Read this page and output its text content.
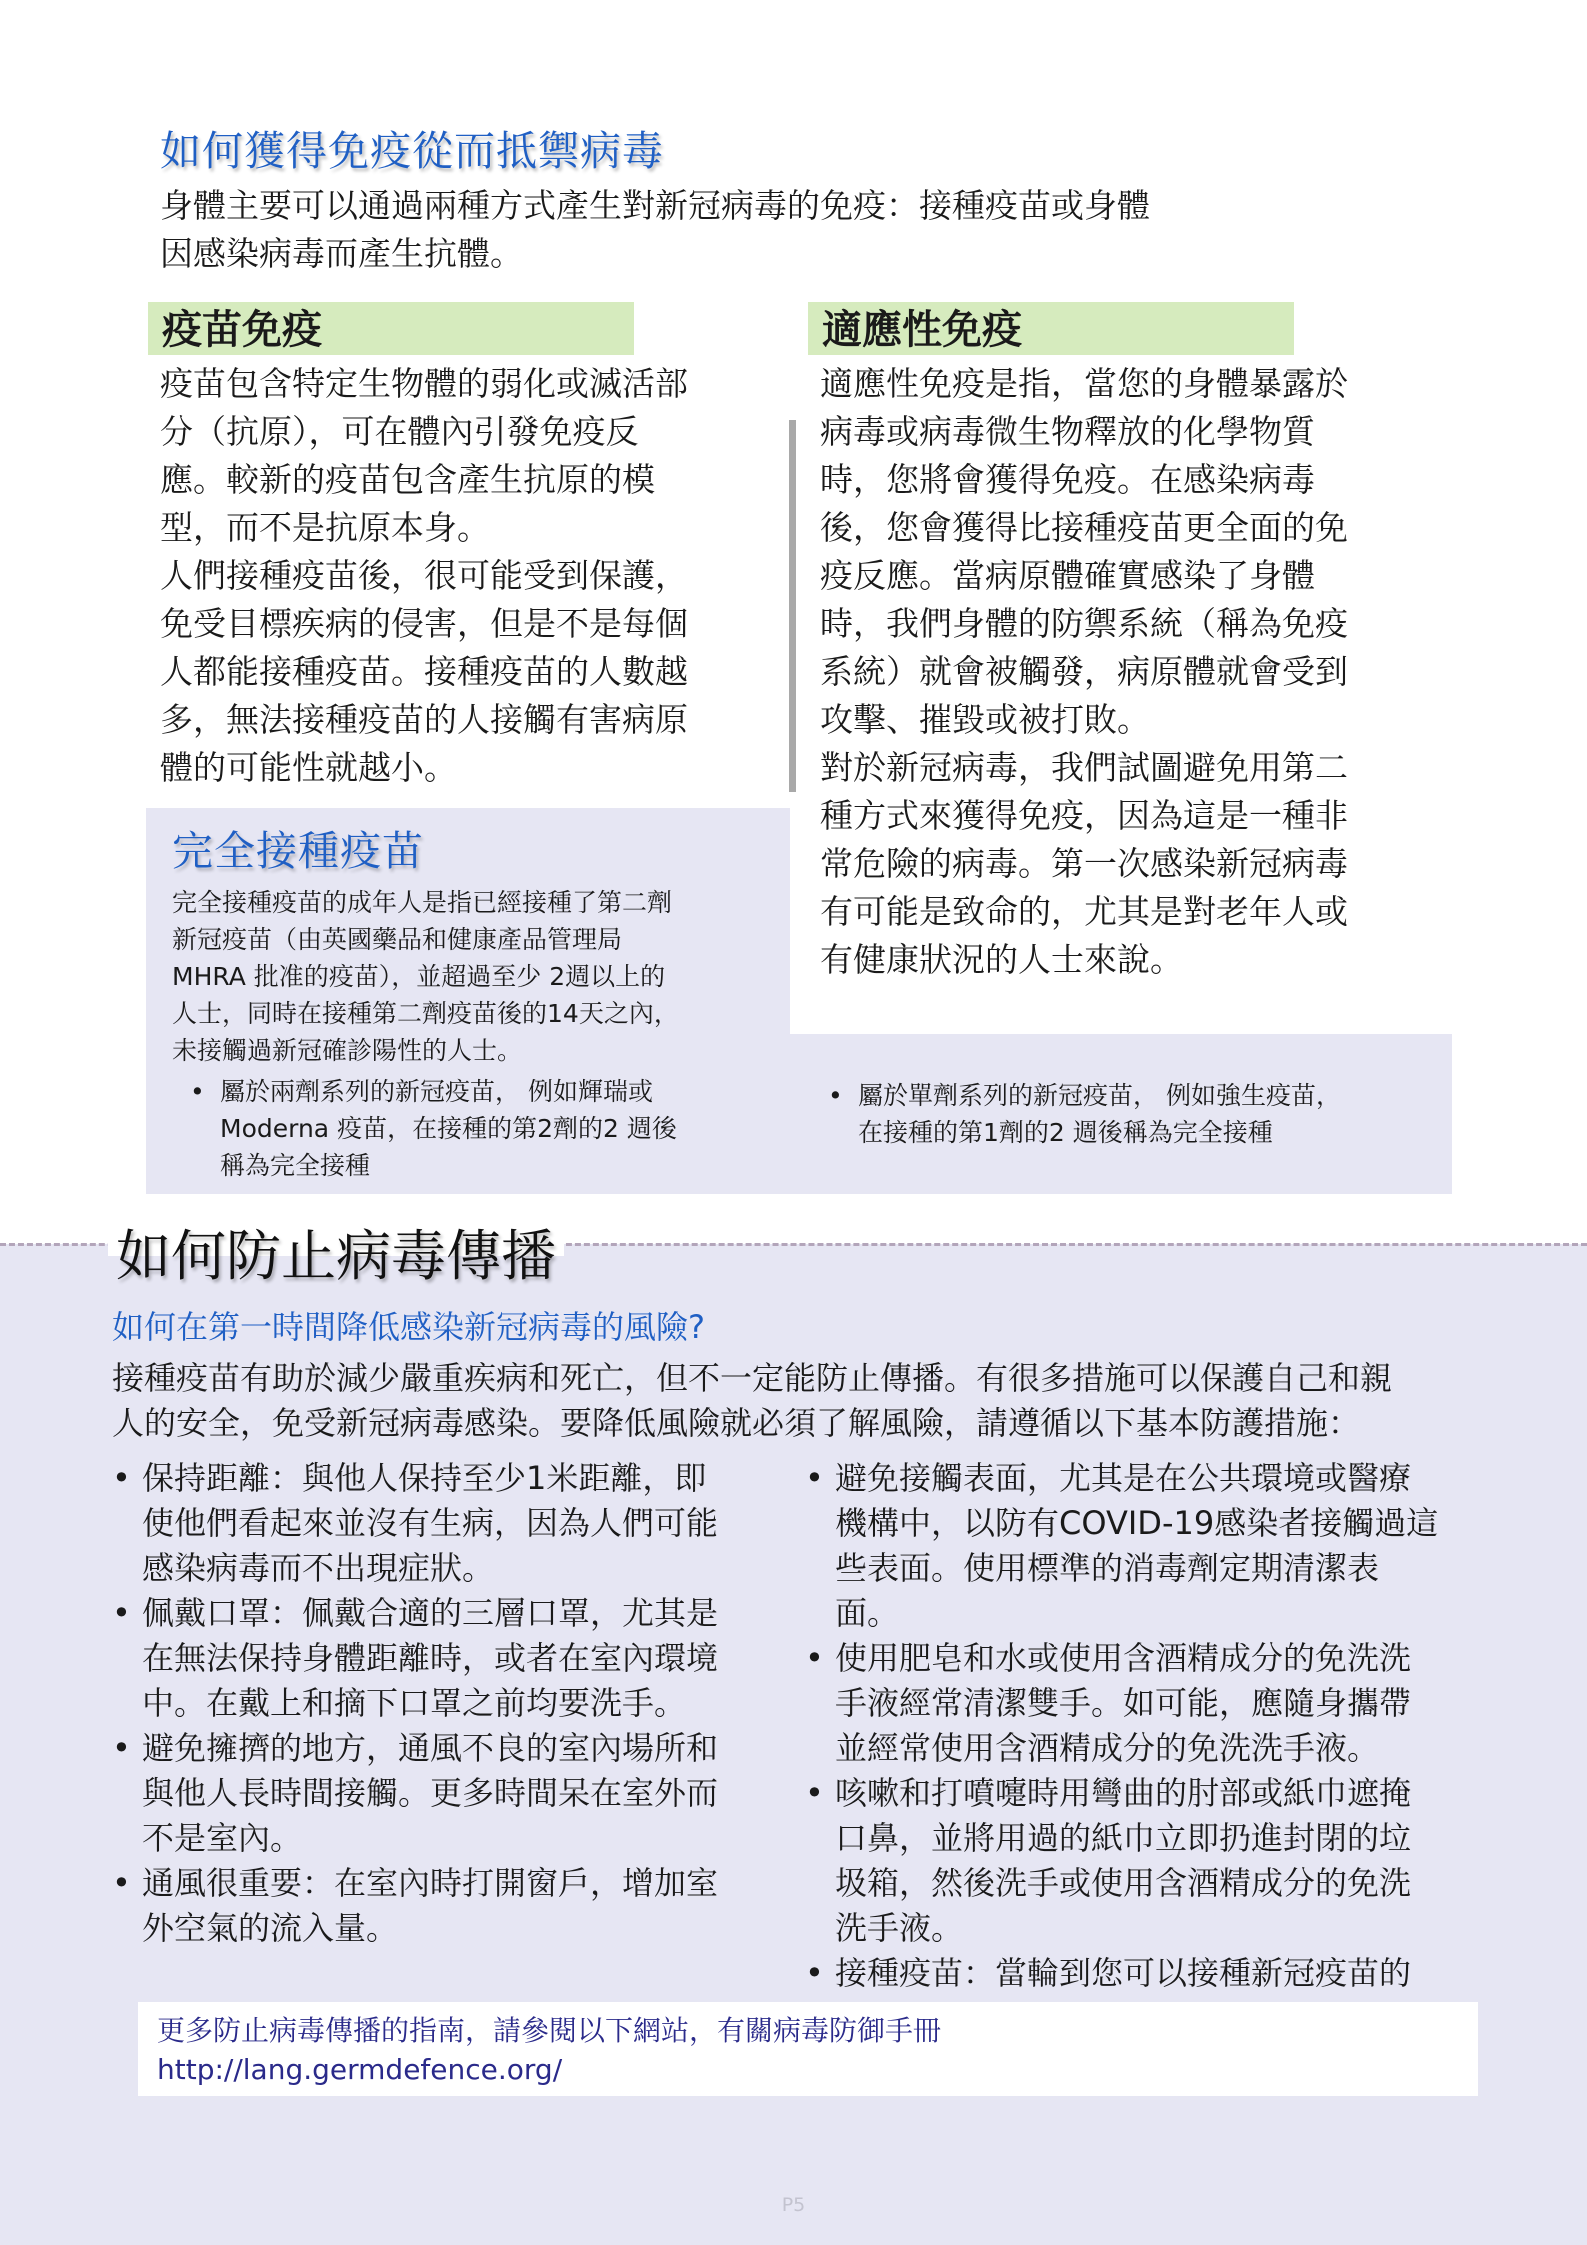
如何獲得免疫從而抵禦病毒
身體主要可以通過兩種方式產生對新冠病毒的免疫：接種疫苗或身體
因感染病毒而產生抗體。
疫苗免疫	適應性免疫
疫苗包含特定生物體的弱化或滅活部
分（抗原），可在體內引發免疫反
應。較新的疫苗包含產生抗原的模
型，而不是抗原本身。
人們接種疫苗後，很可能受到保護，
免受目標疾病的侵害，但是不是每個
人都能接種疫苗。接種疫苗的人數越
多，無法接種疫苗的人接觸有害病原
體的可能性就越小。
適應性免疫是指，當您的身體暴露於
病毒或病毒微生物釋放的化學物質
時，您將會獲得免疫。在感染病毒
後，您會獲得比接種疫苗更全面的免
疫反應。當病原體確實感染了身體
時，我們身體的防禦系統（稱為免疫
系統）就會被觸發，病原體就會受到
攻擊、摧毀或被打敗。
對於新冠病毒，我們試圖避免用第二
種方式來獲得免疫，因為這是一種非
常危險的病毒。第一次感染新冠病毒
有可能是致命的，尤其是對老年人或
有健康狀況的人士來說。
完全接種疫苗
完全接種疫苗的成年人是指已經接種了第二劑
新冠疫苗（由英國藥品和健康產品管理局
MHRA 批准的疫苗），並超過至少 2週以上的
人士，同時在接種第二劑疫苗後的14天之內，
未接觸過新冠確診陽性的人士。
• 屬於兩劑系列的新冠疫苗， 例如輝瑞或
Moderna 疫苗，在接種的第2劑的2 週後
稱為完全接種
• 屬於單劑系列的新冠疫苗， 例如強生疫苗，
在接種的第1劑的2 週後稱為完全接種
如何防止病毒傳播
如何在第一時間降低感染新冠病毒的風險?
接種疫苗有助於減少嚴重疾病和死亡，但不一定能防止傳播。有很多措施可以保護自己和親
人的安全，免受新冠病毒感染。要降低風險就必須了解風險，請遵循以下基本防護措施：
• 保持距離：與他人保持至少1米距離，即
使他們看起來並沒有生病，因為人們可能
感染病毒而不出現症狀。
• 佩戴口罩：佩戴合適的三層口罩，尤其是
在無法保持身體距離時，或者在室內環境
中。在戴上和摘下口罩之前均要洗手。
• 避免擁擠的地方，通風不良的室內場所和
與他人長時間接觸。更多時間呆在室外而
不是室內。
• 通風很重要：在室內時打開窗戶，增加室
外空氣的流入量。
• 避免接觸表面，尤其是在公共環境或醫療
機構中，以防有COVID-19感染者接觸過這
些表面。使用標準的消毒劑定期清潔表
面。
• 使用肥皂和水或使用含酒精成分的免洗洗
手液經常清潔雙手。如可能，應隨身攜帶
並經常使用含酒精成分的免洗洗手液。
• 咳嗽和打噴嚏時用彎曲的肘部或紙巾遮掩
口鼻，並將用過的紙巾立即扔進封閉的垃
圾箱，然後洗手或使用含酒精成分的免洗
洗手液。
• 接種疫苗：當輪到您可以接種新冠疫苗的
更多防止病毒傳播的指南，請參閱以下網站，有關病毒防御手冊
http://lang.germdefence.org/
P5
